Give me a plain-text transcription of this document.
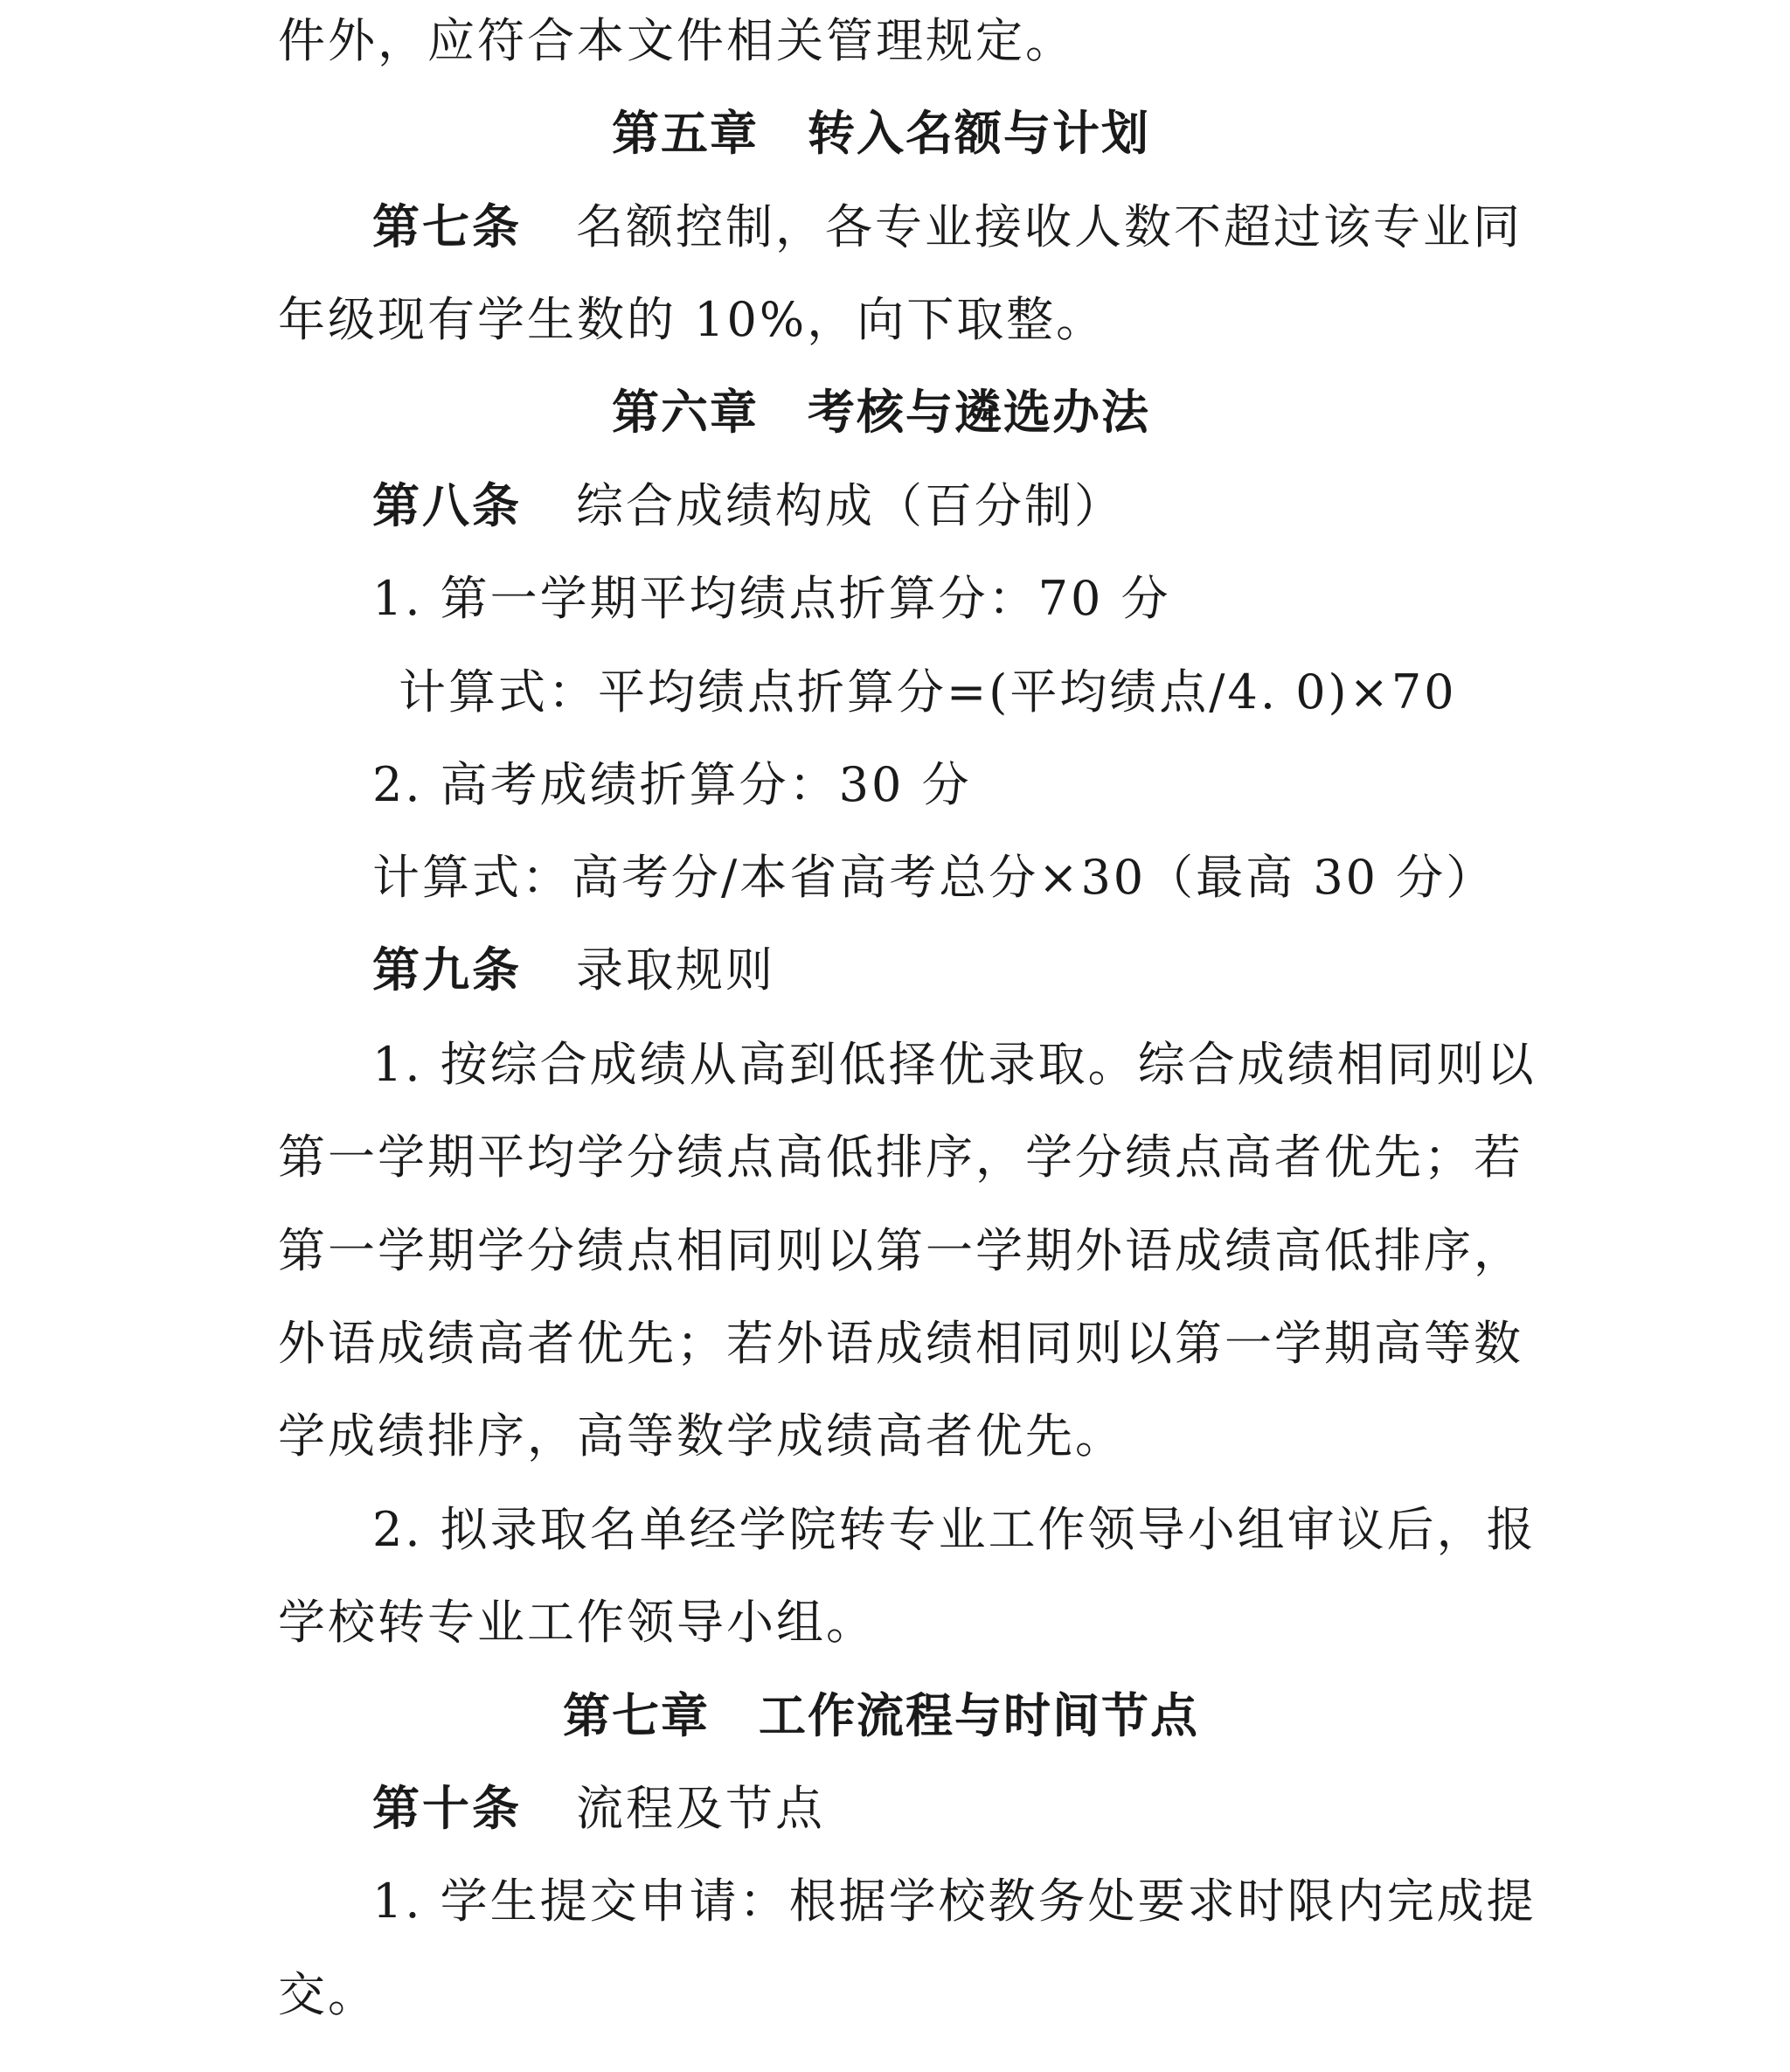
件外，应符合本文件相关管理规定。

第五章　转入名额与计划

第七条 名额控制，各专业接收人数不超过该专业同

年级现有学生数的 10%，向下取整。

第六章　考核与遴选办法

第八条 综合成绩构成（百分制）

1. 第一学期平均绩点折算分：70 分

计算式：平均绩点折算分=(平均绩点/4. 0)×70

2. 高考成绩折算分：30 分

计算式：高考分/本省高考总分×30（最高 30 分）

第九条 录取规则

1. 按综合成绩从高到低择优录取。综合成绩相同则以

第一学期平均学分绩点高低排序，学分绩点高者优先；若

第一学期学分绩点相同则以第一学期外语成绩高低排序，

外语成绩高者优先；若外语成绩相同则以第一学期高等数

学成绩排序，高等数学成绩高者优先。

2. 拟录取名单经学院转专业工作领导小组审议后，报

学校转专业工作领导小组。

第七章　工作流程与时间节点

第十条 流程及节点

1. 学生提交申请：根据学校教务处要求时限内完成提

交。
